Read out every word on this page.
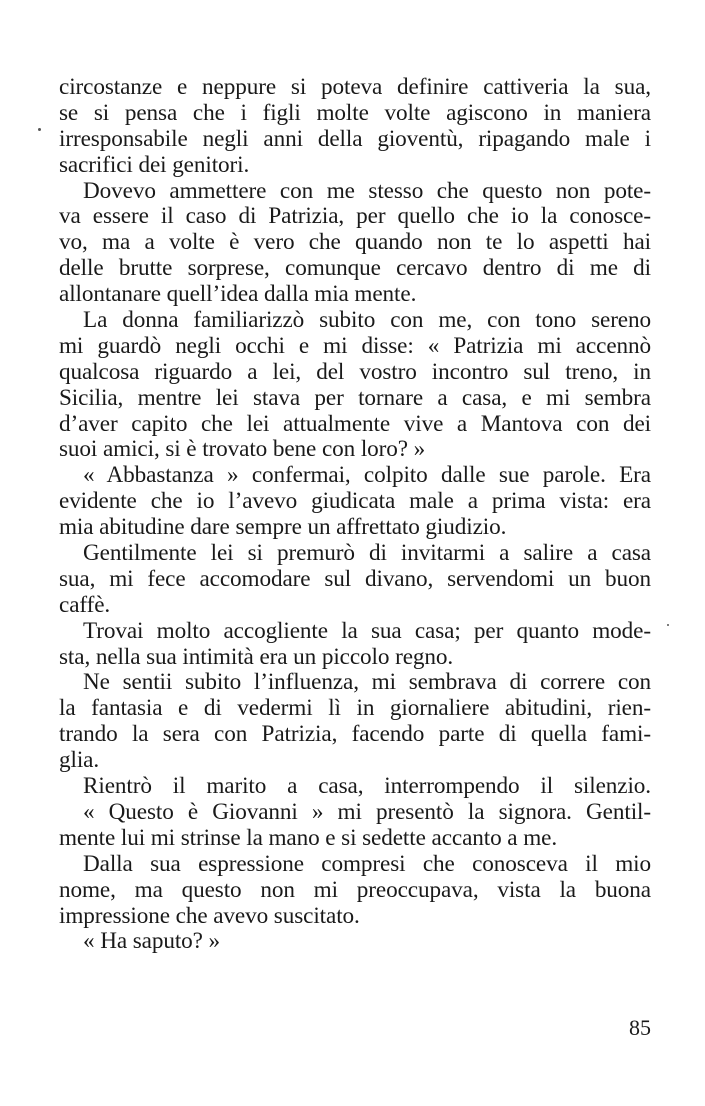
circostanze e neppure si poteva definire cattiveria la sua,
se si pensa che i figli molte volte agiscono in maniera
irresponsabile negli anni della gioventù, ripagando male i
sacrifici dei genitori.
Dovevo ammettere con me stesso che questo non pote-
va essere il caso di Patrizia, per quello che io la conosce-
vo, ma a volte è vero che quando non te lo aspetti hai
delle brutte sorprese, comunque cercavo dentro di me di
allontanare quell’idea dalla mia mente.
La donna familiarizzò subito con me, con tono sereno
mi guardò negli occhi e mi disse: « Patrizia mi accennò
qualcosa riguardo a lei, del vostro incontro sul treno, in
Sicilia, mentre lei stava per tornare a casa, e mi sembra
d’aver capito che lei attualmente vive a Mantova con dei
suoi amici, si è trovato bene con loro? »
« Abbastanza » confermai, colpito dalle sue parole. Era
evidente che io l’avevo giudicata male a prima vista: era
mia abitudine dare sempre un affrettato giudizio.
Gentilmente lei si premurò di invitarmi a salire a casa
sua, mi fece accomodare sul divano, servendomi un buon
caffè.
Trovai molto accogliente la sua casa; per quanto mode-
sta, nella sua intimità era un piccolo regno.
Ne sentii subito l’influenza, mi sembrava di correre con
la fantasia e di vedermi lì in giornaliere abitudini, rien-
trando la sera con Patrizia, facendo parte di quella fami-
glia.
Rientrò il marito a casa, interrompendo il silenzio.
« Questo è Giovanni » mi presentò la signora. Gentil-
mente lui mi strinse la mano e si sedette accanto a me.
Dalla sua espressione compresi che conosceva il mio
nome, ma questo non mi preoccupava, vista la buona
impressione che avevo suscitato.
« Ha saputo? »
85
